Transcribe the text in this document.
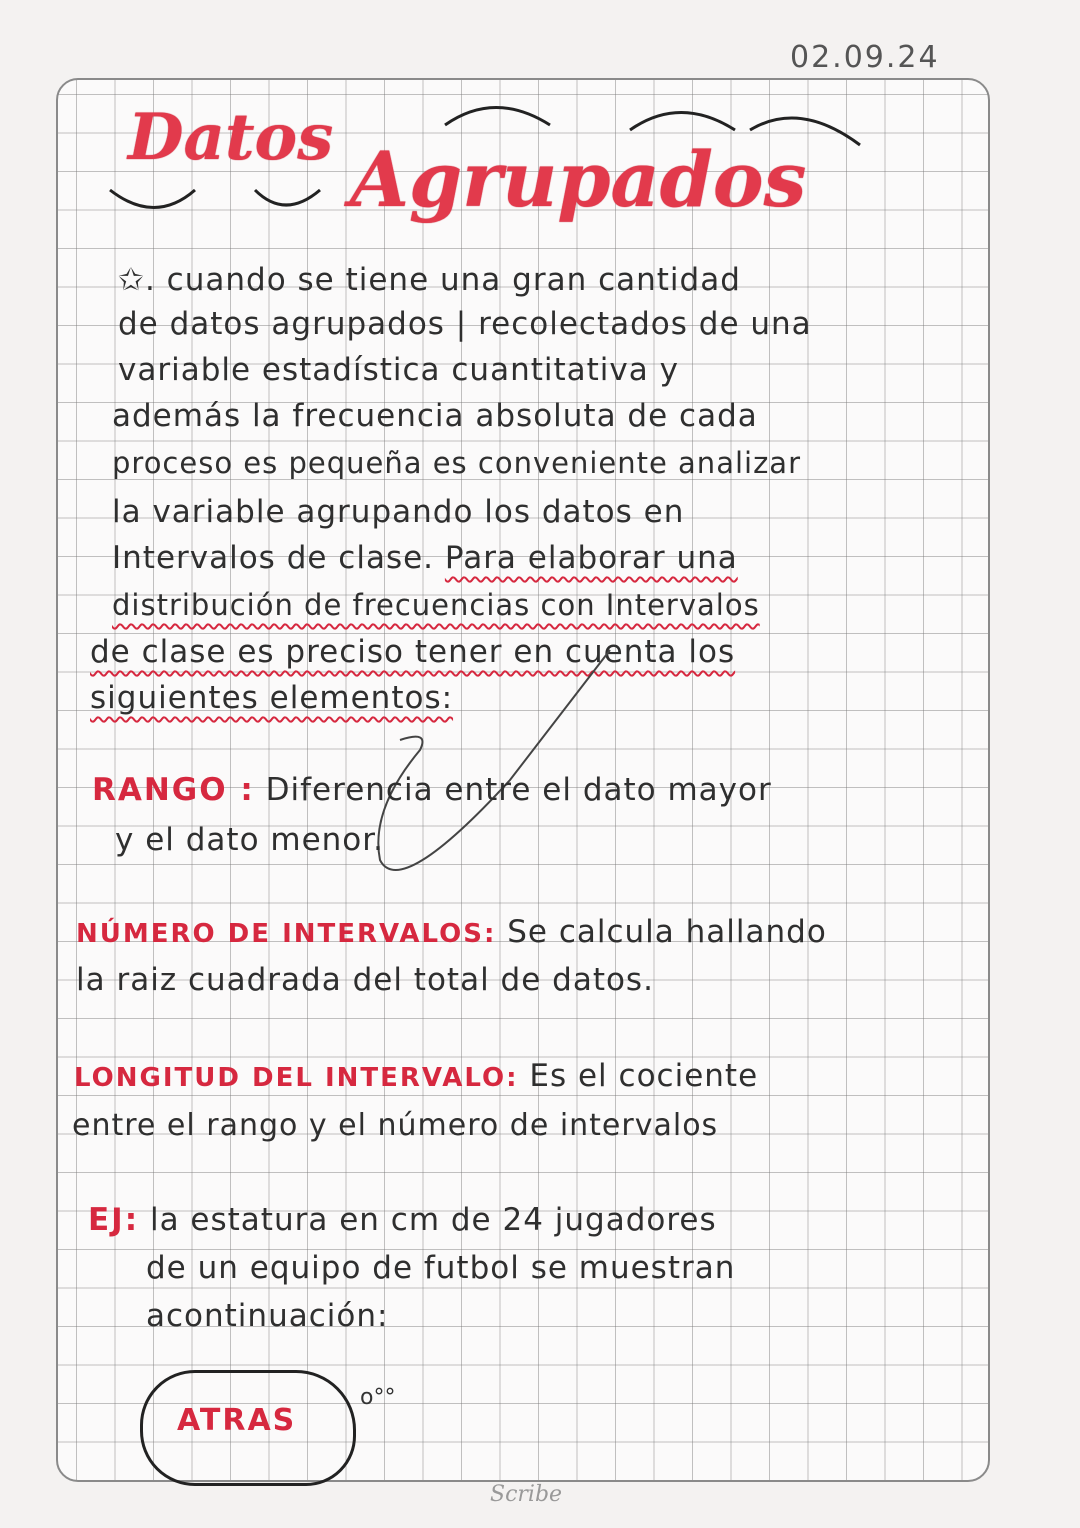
02.09.24
Datos Agrupados
✩. cuando se tiene una gran cantidad
de datos agrupados | recolectados de una
variable estadística cuantitativa y
además la frecuencia absoluta de cada
proceso es pequeña es conveniente analizar
la variable agrupando los datos en
Intervalos de clase. Para elaborar una
distribución de frecuencias con Intervalos
de clase es preciso tener en cuenta los
siguientes elementos:
RANGO : Diferencia entre el dato mayor
y el dato menor.
NÚMERO DE INTERVALOS: Se calcula hallando
la raiz cuadrada del total de datos.
LONGITUD DEL INTERVALO: Es el cociente
entre el rango y el número de intervalos
EJ: la estatura en cm de 24 jugadores
de un equipo de futbol se muestran
acontinuación:
ATRAS
o°°
Scribe
